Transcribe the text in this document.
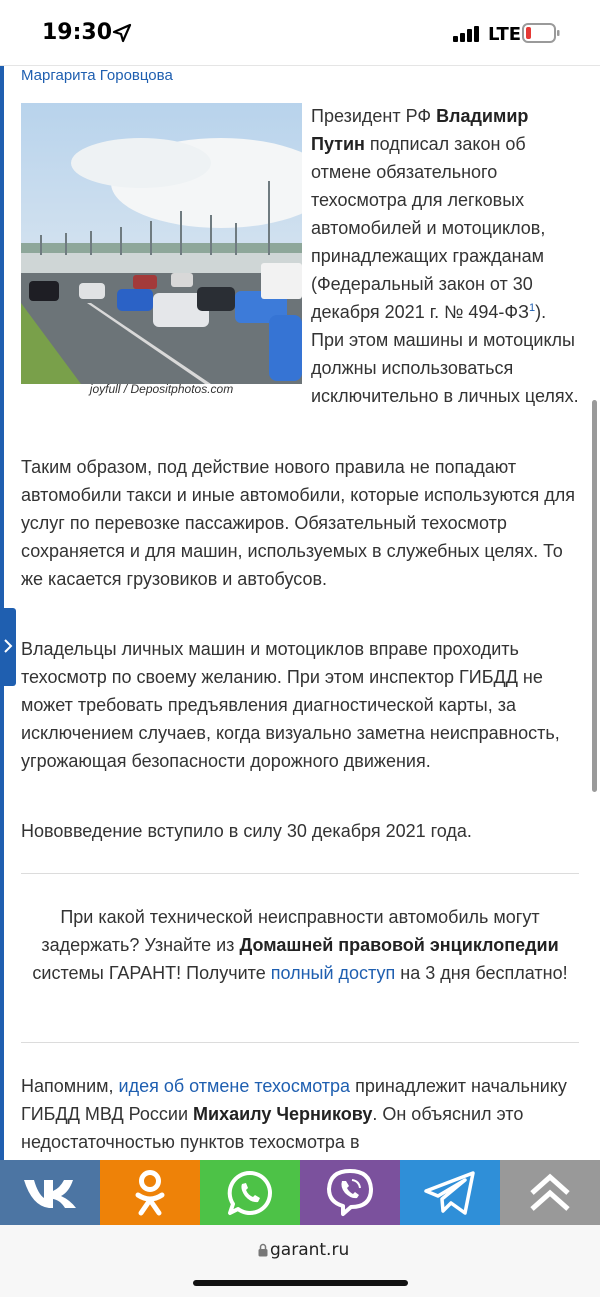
19:30	LTE
Маргарита Горовцова
joyfull / Depositphotos.com

Президент РФ Владимир Путин подписал закон об отмене обязательного техосмотра для легковых автомобилей и мотоциклов, принадлежащих гражданам (Федеральный закон от 30 декабря 2021 г. № $494-ФЗ^1$). При этом машины и мотоциклы должны использоваться исключительно в личных целях.

Таким образом, под действие нового правила не попадают автомобили такси и иные автомобили, которые используются для услуг по перевозке пассажиров. Обязательный техосмотр сохраняется и для машин, используемых в служебных целях. То же касается грузовиков и автобусов.

Владельцы личных машин и мотоциклов вправе проходить техосмотр по своему желанию. При этом инспектор ГИБДД не может требовать предъявления диагностической карты, за исключением случаев, когда визуально заметна неисправность, угрожающая безопасности дорожного движения.

Нововведение вступило в силу 30 декабря 2021 года.

При какой технической неисправности автомобиль могут задержать? Узнайте из Домашней правовой энциклопедии системы ГАРАНТ! Получите полный доступ на 3 дня бесплатно!

Напомним, идея об отмене техосмотра принадлежит начальнику ГИБДД МВД России Михаилу Черникову. Он объяснил это недостаточностью пунктов техосмотра в

garant.ru
